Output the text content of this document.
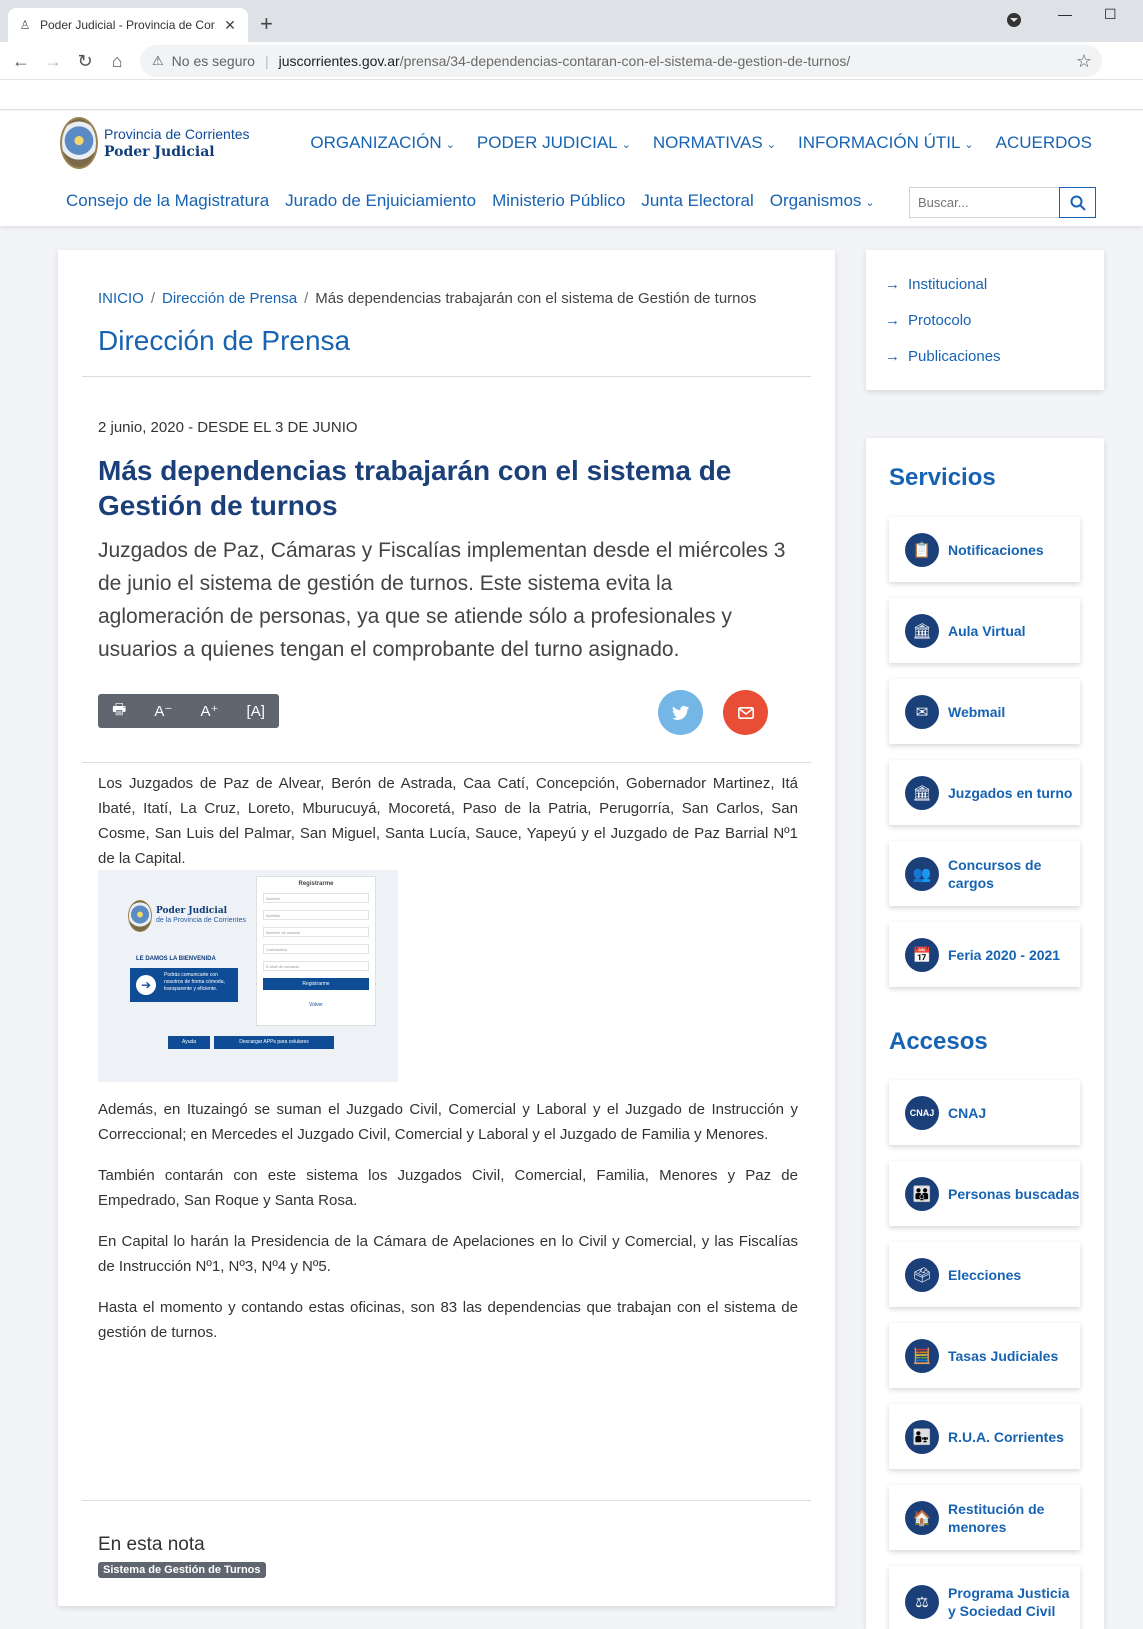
♙ Poder Judicial - Provincia de Cor ✕ +	— ☐
← → ↻	⌂	⚠ No es seguro | juscorrientes.gov.ar/prensa/34-dependencias-contaran-con-el-sistema-de-gestion-de-turnos/	☆
Provincia de Corrientes
Poder Judicial	ORGANIZACIÓN ⌄ PODER JUDICIAL ⌄ NORMATIVAS ⌄ INFORMACIÓN ÚTIL ⌄ ACUERDOS
Consejo de la Magistratura Jurado de Enjuiciamiento Ministerio Público Junta Electoral Organismos ⌄
Buscar...
INICIO / Dirección de Prensa / Más dependencias trabajarán con el sistema de Gestión de turnos
Dirección de Prensa
2 junio, 2020 - DESDE EL 3 DE JUNIO
Más dependencias trabajarán con el sistema de Gestión de turnos

Juzgados de Paz, Cámaras y Fiscalías implementan desde el miércoles 3 de junio el sistema de gestión de turnos. Este sistema evita la aglomeración de personas, ya que se atiende sólo a profesionales y usuarios a quienes tengan el comprobante del turno asignado.

🖶 A⁻ A⁺ [A]

Los Juzgados de Paz de Alvear, Berón de Astrada, Caa Catí, Concepción, Gobernador Martinez, Itá Ibaté, Itatí, La Cruz, Loreto, Mburucuyá, Mocoretá, Paso de la Patria, Perugorría, San Carlos, San Cosme, San Luis del Palmar, San Miguel, Santa Lucía, Sauce, Yapeyú y el Juzgado de Paz Barrial Nº1 de la Capital.

Poder Judicial
de la Provincia de Corrientes
LE DAMOS LA BIENVENIDA
➔ Podrás comunicarte con nosotros de forma cómoda, transparente y eficiente.
Registrarme
Nombre
Apellido
Nombre de usuario
Contraseña
E-Mail de contacto
Registrarme
Volver
Ayuda	Descargar APPs para celulares

Además, en Ituzaingó se suman el Juzgado Civil, Comercial y Laboral y el Juzgado de Instrucción y Correccional; en Mercedes el Juzgado Civil, Comercial y Laboral y el Juzgado de Familia y Menores.

También contarán con este sistema los Juzgados Civil, Comercial, Familia, Menores y Paz de Empedrado, San Roque y Santa Rosa.

En Capital lo harán la Presidencia de la Cámara de Apelaciones en lo Civil y Comercial, y las Fiscalías de Instrucción Nº1, Nº3, Nº4 y Nº5.

Hasta el momento y contando estas oficinas, son 83 las dependencias que trabajan con el sistema de gestión de turnos.

En esta nota
Sistema de Gestión de Turnos
→ Institucional
→ Protocolo
→ Publicaciones
Servicios
📋	Notificaciones
🏛	Aula Virtual
✉	Webmail
🏛	Juzgados en turno
👥
Concursos de cargos
📅	Feria 2020 - 2021
Accesos
CNAJ CNAJ
👪	Personas buscadas
🗳	Elecciones
🧮	Tasas Judiciales
👨‍👧	R.U.A. Corrientes
🏠
Restitución de menores
⚖
Programa Justicia y Sociedad Civil
